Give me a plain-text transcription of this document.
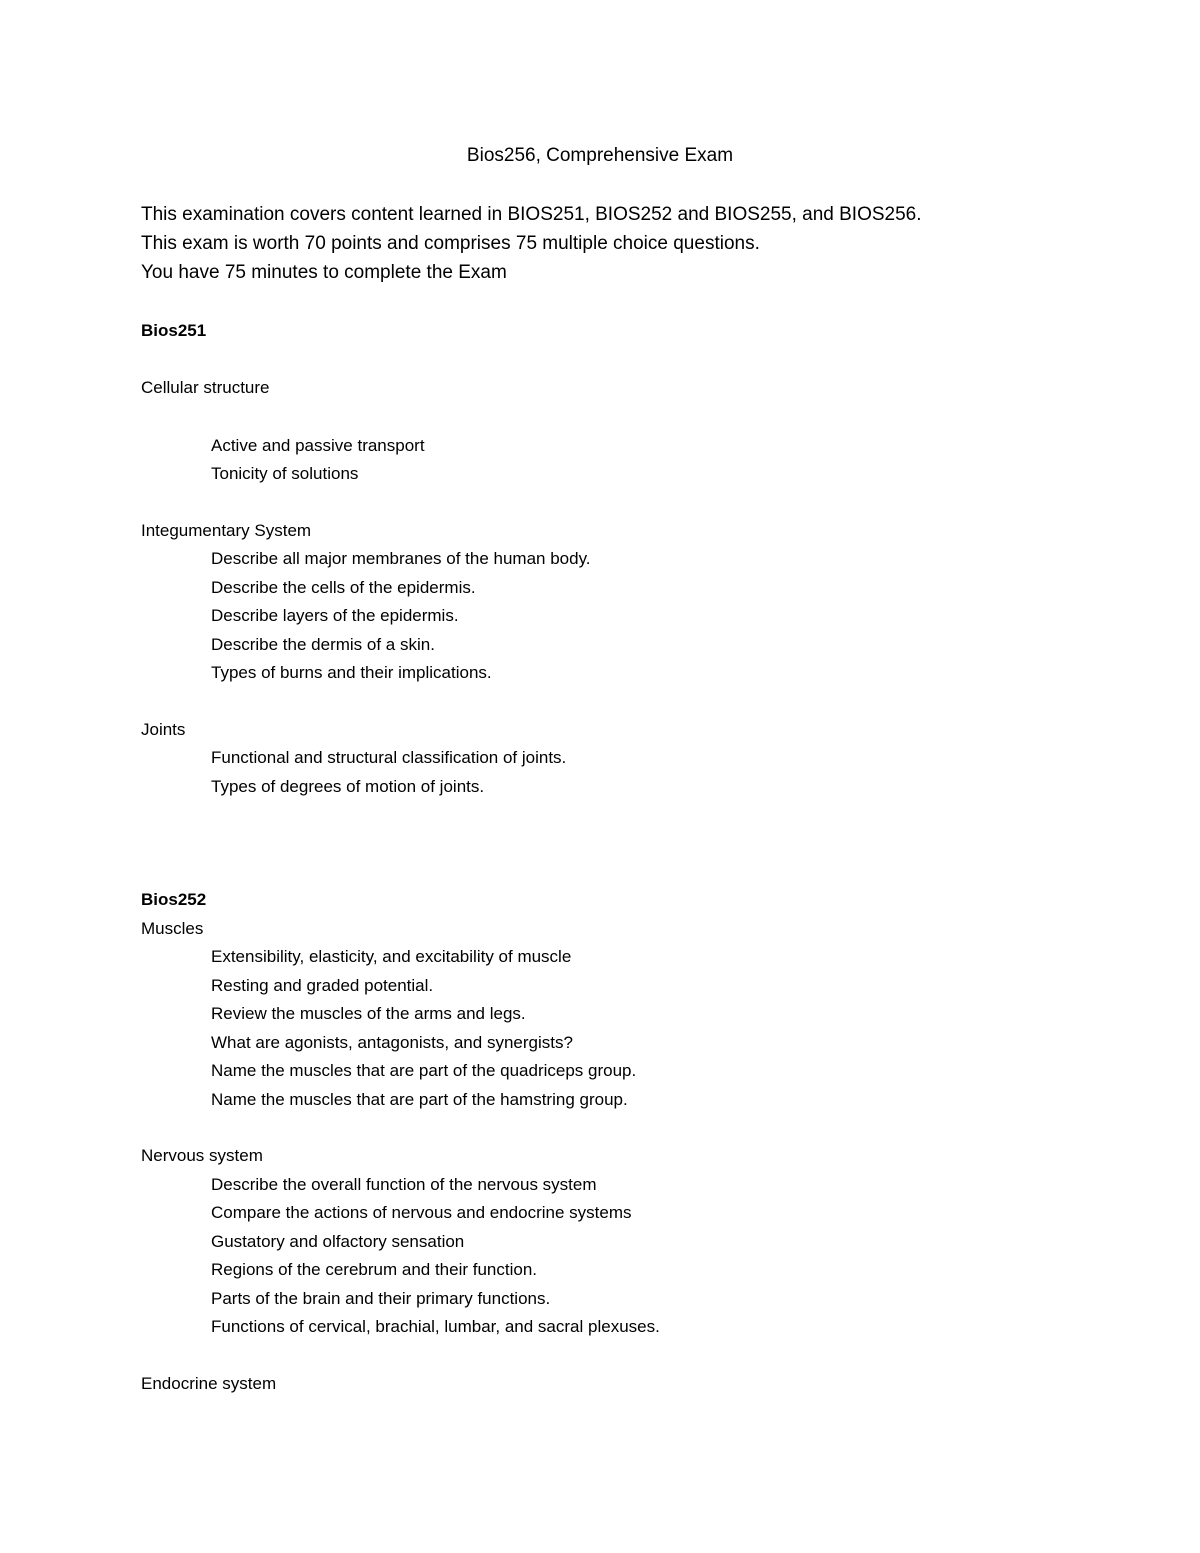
Bios256, Comprehensive Exam
This examination covers content learned in BIOS251, BIOS252 and BIOS255, and BIOS256.
This exam is worth 70 points and comprises 75 multiple choice questions.
You have 75 minutes to complete the Exam
Bios251
Cellular structure
Active and passive transport
Tonicity of solutions
Integumentary System
Describe all major membranes of the human body.
Describe the cells of the epidermis.
Describe layers of the epidermis.
Describe the dermis of a skin.
Types of burns and their implications.
Joints
Functional and structural classification of joints.
Types of degrees of motion of joints.
Bios252
Muscles
Extensibility, elasticity, and excitability of muscle
Resting and graded potential.
Review the muscles of the arms and legs.
What are agonists, antagonists, and synergists?
Name the muscles that are part of the quadriceps group.
Name the muscles that are part of the hamstring group.
Nervous system
Describe the overall function of the nervous system
Compare the actions of nervous and endocrine systems
Gustatory and olfactory sensation
Regions of the cerebrum and their function.
Parts of the brain and their primary functions.
Functions of cervical, brachial, lumbar, and sacral plexuses.
Endocrine system
